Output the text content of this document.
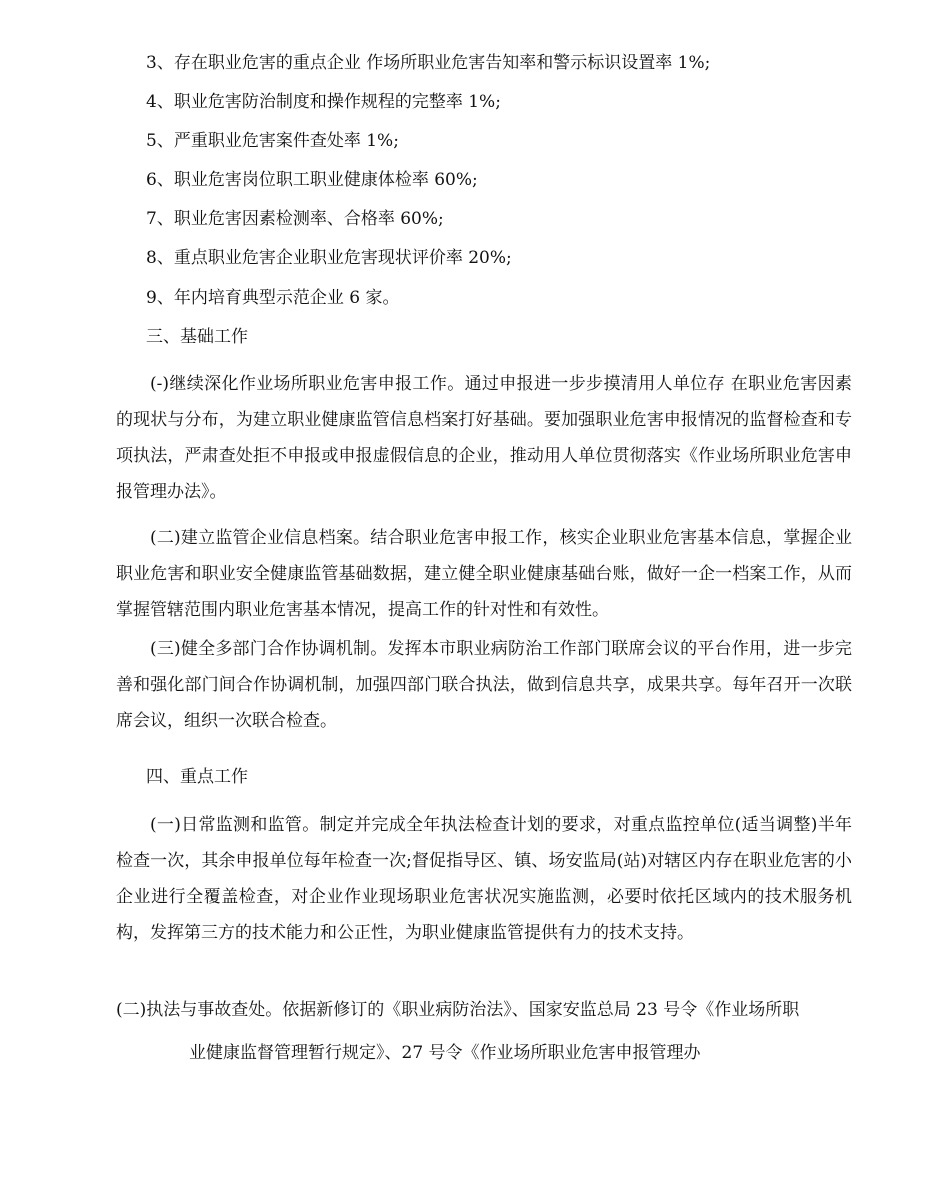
3、存在职业危害的重点企业 作场所职业危害告知率和警示标识设置率 1%;

4、职业危害防治制度和操作规程的完整率 1%;

5、严重职业危害案件查处率 1%;

6、职业危害岗位职工职业健康体检率 60%;

7、职业危害因素检测率、合格率 60%;

8、重点职业危害企业职业危害现状评价率 20%;

9、年内培育典型示范企业 6 家。

三、基础工作

(-)继续深化作业场所职业危害申报工作。通过申报进一步步摸清用人单位存 在职业危害因素的现状与分布，为建立职业健康监管信息档案打好基础。要加强职业危害申报情况的监督检查和专项执法，严肃查处拒不申报或申报虚假信息的企业，推动用人单位贯彻落实《作业场所职业危害申报管理办法》。

(二)建立监管企业信息档案。结合职业危害申报工作，核实企业职业危害基本信息，掌握企业职业危害和职业安全健康监管基础数据，建立健全职业健康基础台账，做好一企一档案工作，从而掌握管辖范围内职业危害基本情况，提高工作的针对性和有效性。

(三)健全多部门合作协调机制。发挥本市职业病防治工作部门联席会议的平台作用，进一步完善和强化部门间合作协调机制，加强四部门联合执法，做到信息共享，成果共享。每年召开一次联席会议，组织一次联合检查。

四、重点工作

(一)日常监测和监管。制定并完成全年执法检查计划的要求，对重点监控单位(适当调整)半年检查一次，其余申报单位每年检查一次;督促指导区、镇、场安监局(站)对辖区内存在职业危害的小企业进行全覆盖检查，对企业作业现场职业危害状况实施监测，必要时依托区域内的技术服务机构，发挥第三方的技术能力和公正性，为职业健康监管提供有力的技术支持。

(二)执法与事故查处。依据新修订的《职业病防治法》、国家安监总局 23 号令《作业场所职

业健康监督管理暂行规定》、27 号令《作业场所职业危害申报管理办
